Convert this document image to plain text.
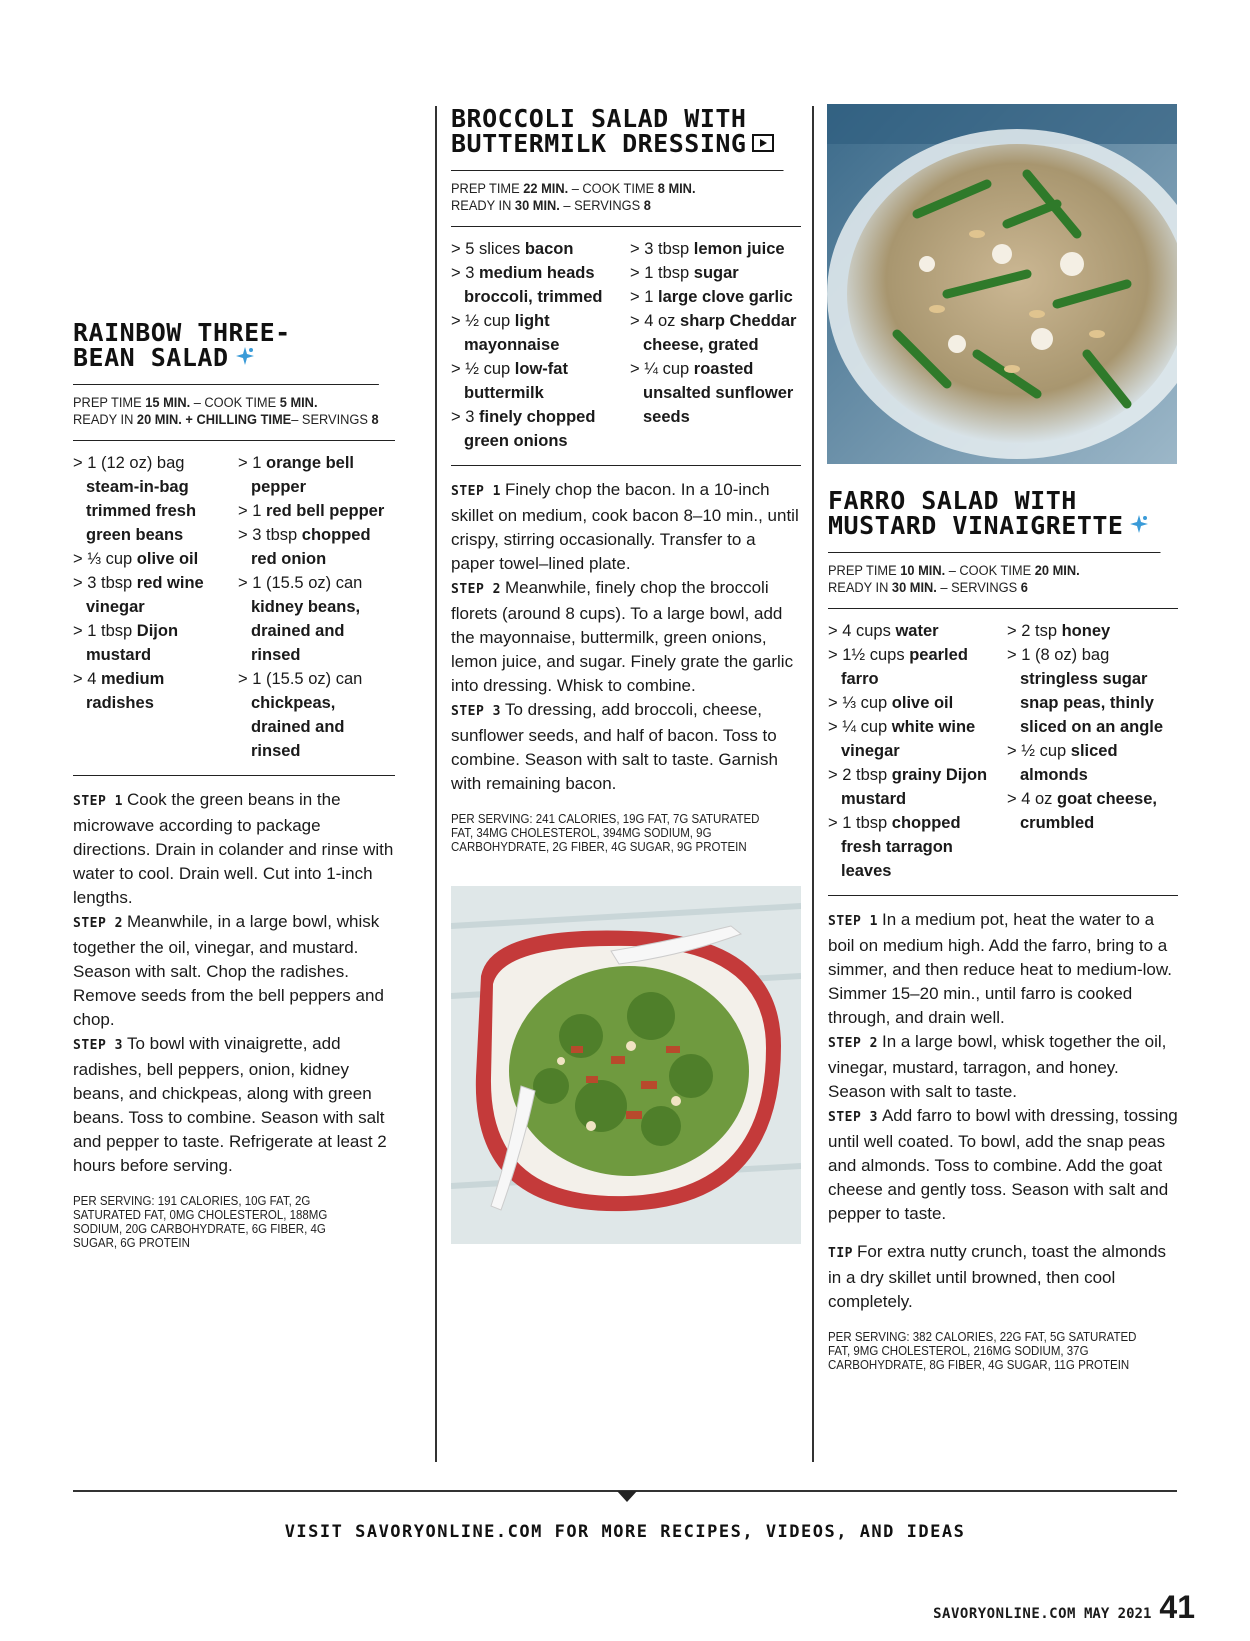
RAINBOW THREE-
BEAN SALAD
PREP TIME 15 MIN. – COOK TIME 5 MIN.
READY IN 20 MIN. + CHILLING TIME– SERVINGS 8
> 1 (12 oz) bag steam-in-bag trimmed fresh green beans
> ⅓ cup olive oil
> 3 tbsp red wine vinegar
> 1 tbsp Dijon mustard
> 4 medium radishes
> 1 orange bell pepper
> 1 red bell pepper
> 3 tbsp chopped red onion
> 1 (15.5 oz) can kidney beans, drained and rinsed
> 1 (15.5 oz) can chickpeas, drained and rinsed

STEP 1 Cook the green beans in the microwave according to package directions. Drain in colander and rinse with water to cool. Drain well. Cut into 1-inch lengths.

STEP 2 Meanwhile, in a large bowl, whisk together the oil, vinegar, and mustard. Season with salt. Chop the radishes. Remove seeds from the bell peppers and chop.

STEP 3 To bowl with vinaigrette, add radishes, bell peppers, onion, kidney beans, and chickpeas, along with green beans. Toss to combine. Season with salt and pepper to taste. Refrigerate at least 2 hours before serving.

PER SERVING: 191 CALORIES, 10G FAT, 2G SATURATED FAT, 0MG CHOLESTEROL, 188MG SODIUM, 20G CARBOHYDRATE, 6G FIBER, 4G SUGAR, 6G PROTEIN
BROCCOLI SALAD WITH
BUTTERMILK DRESSING
PREP TIME 22 MIN. – COOK TIME 8 MIN.
READY IN 30 MIN. – SERVINGS 8
> 5 slices bacon
> 3 medium heads broccoli, trimmed
> ½ cup light mayonnaise
> ½ cup low-fat buttermilk
> 3 finely chopped green onions
> 3 tbsp lemon juice
> 1 tbsp sugar
> 1 large clove garlic
> 4 oz sharp Cheddar cheese, grated
> ¼ cup roasted unsalted sunflower seeds

STEP 1 Finely chop the bacon. In a 10-inch skillet on medium, cook bacon 8–10 min., until crispy, stirring occasionally. Transfer to a paper towel–lined plate.

STEP 2 Meanwhile, finely chop the broccoli florets (around 8 cups). To a large bowl, add the mayonnaise, buttermilk, green onions, lemon juice, and sugar. Finely grate the garlic into dressing. Whisk to combine.

STEP 3 To dressing, add broccoli, cheese, sunflower seeds, and half of bacon. Toss to combine. Season with salt to taste. Garnish with remaining bacon.

PER SERVING: 241 CALORIES, 19G FAT, 7G SATURATED FAT, 34MG CHOLESTEROL, 394MG SODIUM, 9G CARBOHYDRATE, 2G FIBER, 4G SUGAR, 9G PROTEIN
FARRO SALAD WITH
MUSTARD VINAIGRETTE
PREP TIME 10 MIN. – COOK TIME 20 MIN.
READY IN 30 MIN. – SERVINGS 6
> 4 cups water
> 1½ cups pearled farro
> ⅓ cup olive oil
> ¼ cup white wine vinegar
> 2 tbsp grainy Dijon mustard
> 1 tbsp chopped fresh tarragon leaves
> 2 tsp honey
> 1 (8 oz) bag stringless sugar snap peas, thinly sliced on an angle
> ½ cup sliced almonds
> 4 oz goat cheese, crumbled

STEP 1 In a medium pot, heat the water to a boil on medium high. Add the farro, bring to a simmer, and then reduce heat to medium-low. Simmer 15–20 min., until farro is cooked through, and drain well.

STEP 2 In a large bowl, whisk together the oil, vinegar, mustard, tarragon, and honey. Season with salt to taste.

STEP 3 Add farro to bowl with dressing, tossing until well coated. To bowl, add the snap peas and almonds. Toss to combine. Add the goat cheese and gently toss. Season with salt and pepper to taste.

TIP For extra nutty crunch, toast the almonds in a dry skillet until browned, then cool completely.

PER SERVING: 382 CALORIES, 22G FAT, 5G SATURATED FAT, 9MG CHOLESTEROL, 216MG SODIUM, 37G CARBOHYDRATE, 8G FIBER, 4G SUGAR, 11G PROTEIN
VISIT SAVORYONLINE.COM FOR MORE RECIPES, VIDEOS, AND IDEAS
SAVORYONLINE.COM MAY 2021 41
